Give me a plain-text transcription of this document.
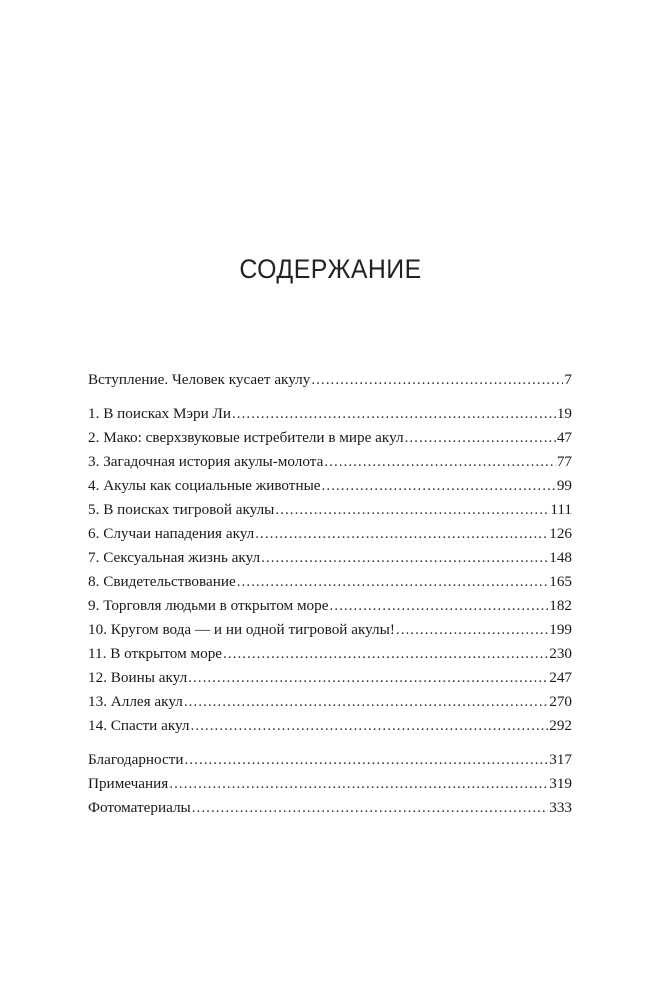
СОДЕРЖАНИЕ
Вступление. Человек кусает акулу .....	7
1. В поисках Мэри Ли .....	19
2. Мако: сверхзвуковые истребители в мире акул .....	47
3. Загадочная история акулы-молота .....	77
4. Акулы как социальные животные .....	99
5. В поисках тигровой акулы .....	111
6. Случаи нападения акул .....	126
7. Сексуальная жизнь акул .....	148
8. Свидетельствование .....	165
9. Торговля людьми в открытом море .....	182
10. Кругом вода — и ни одной тигровой акулы! .....	199
11. В открытом море .....	230
12. Воины акул .....	247
13. Аллея акул .....	270
14. Спасти акул .....	292
Благодарности .....	317
Примечания .....	319
Фотоматериалы .....	333
